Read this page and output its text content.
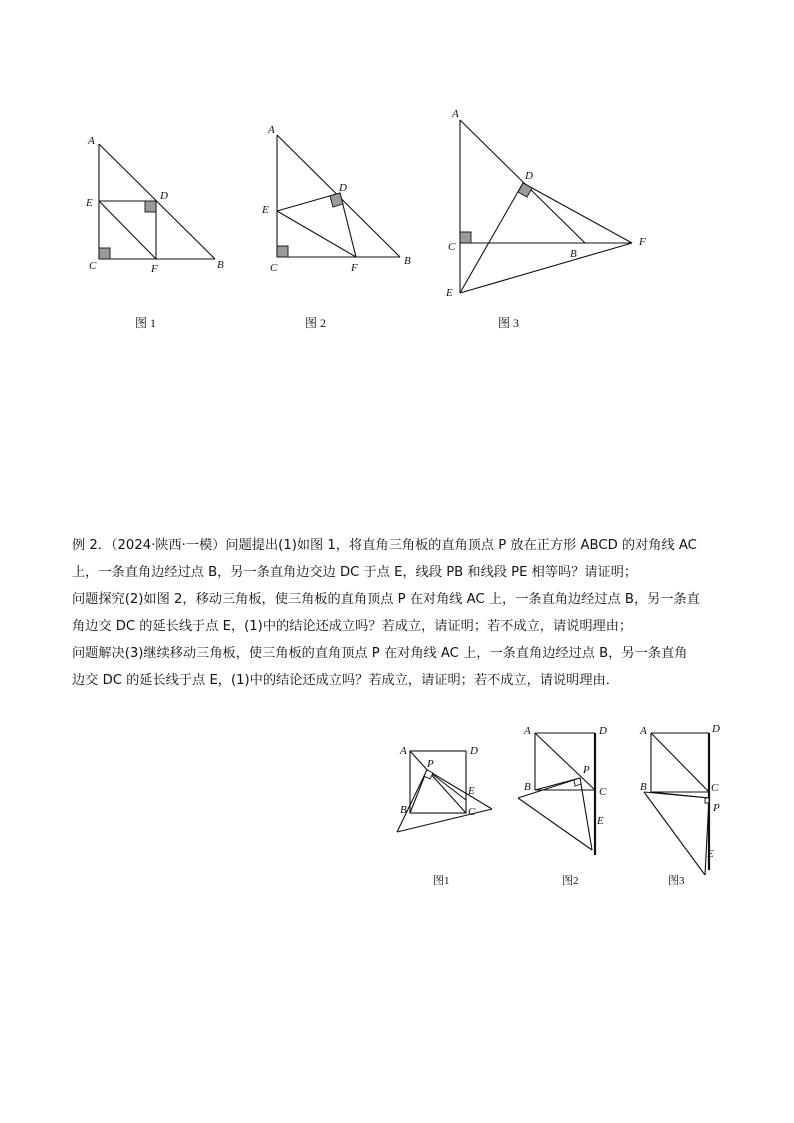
A
D
E
C	F	B
图 1
A
D
E
C	F
B
图 2
A
D
C
B
F
E
图 3

例 2．（2024·陕西·一模）问题提出(1)如图 1，将直角三角板的直角顶点 P 放在正方形 ABCD 的对角线 AC

上，一条直角边经过点 B，另一条直角边交边 DC 于点 E，线段 PB 和线段 PE 相等吗？请证明；

问题探究(2)如图 2，移动三角板，使三角板的直角顶点 P 在对角线 AC 上，一条直角边经过点 B，另一条直

角边交 DC 的延长线于点 E，(1)中的结论还成立吗？若成立，请证明；若不成立，请说明理由；

问题解决(3)继续移动三角板，使三角板的直角顶点 P 在对角线 AC 上，一条直角边经过点 B，另一条直角

边交 DC 的延长线于点 E，(1)中的结论还成立吗？若成立，请证明；若不成立，请说明理由．

A	D
P
E
B	C
图1
A	D
P
B	C
E
图2
A	D
B	C
P
E
图3
